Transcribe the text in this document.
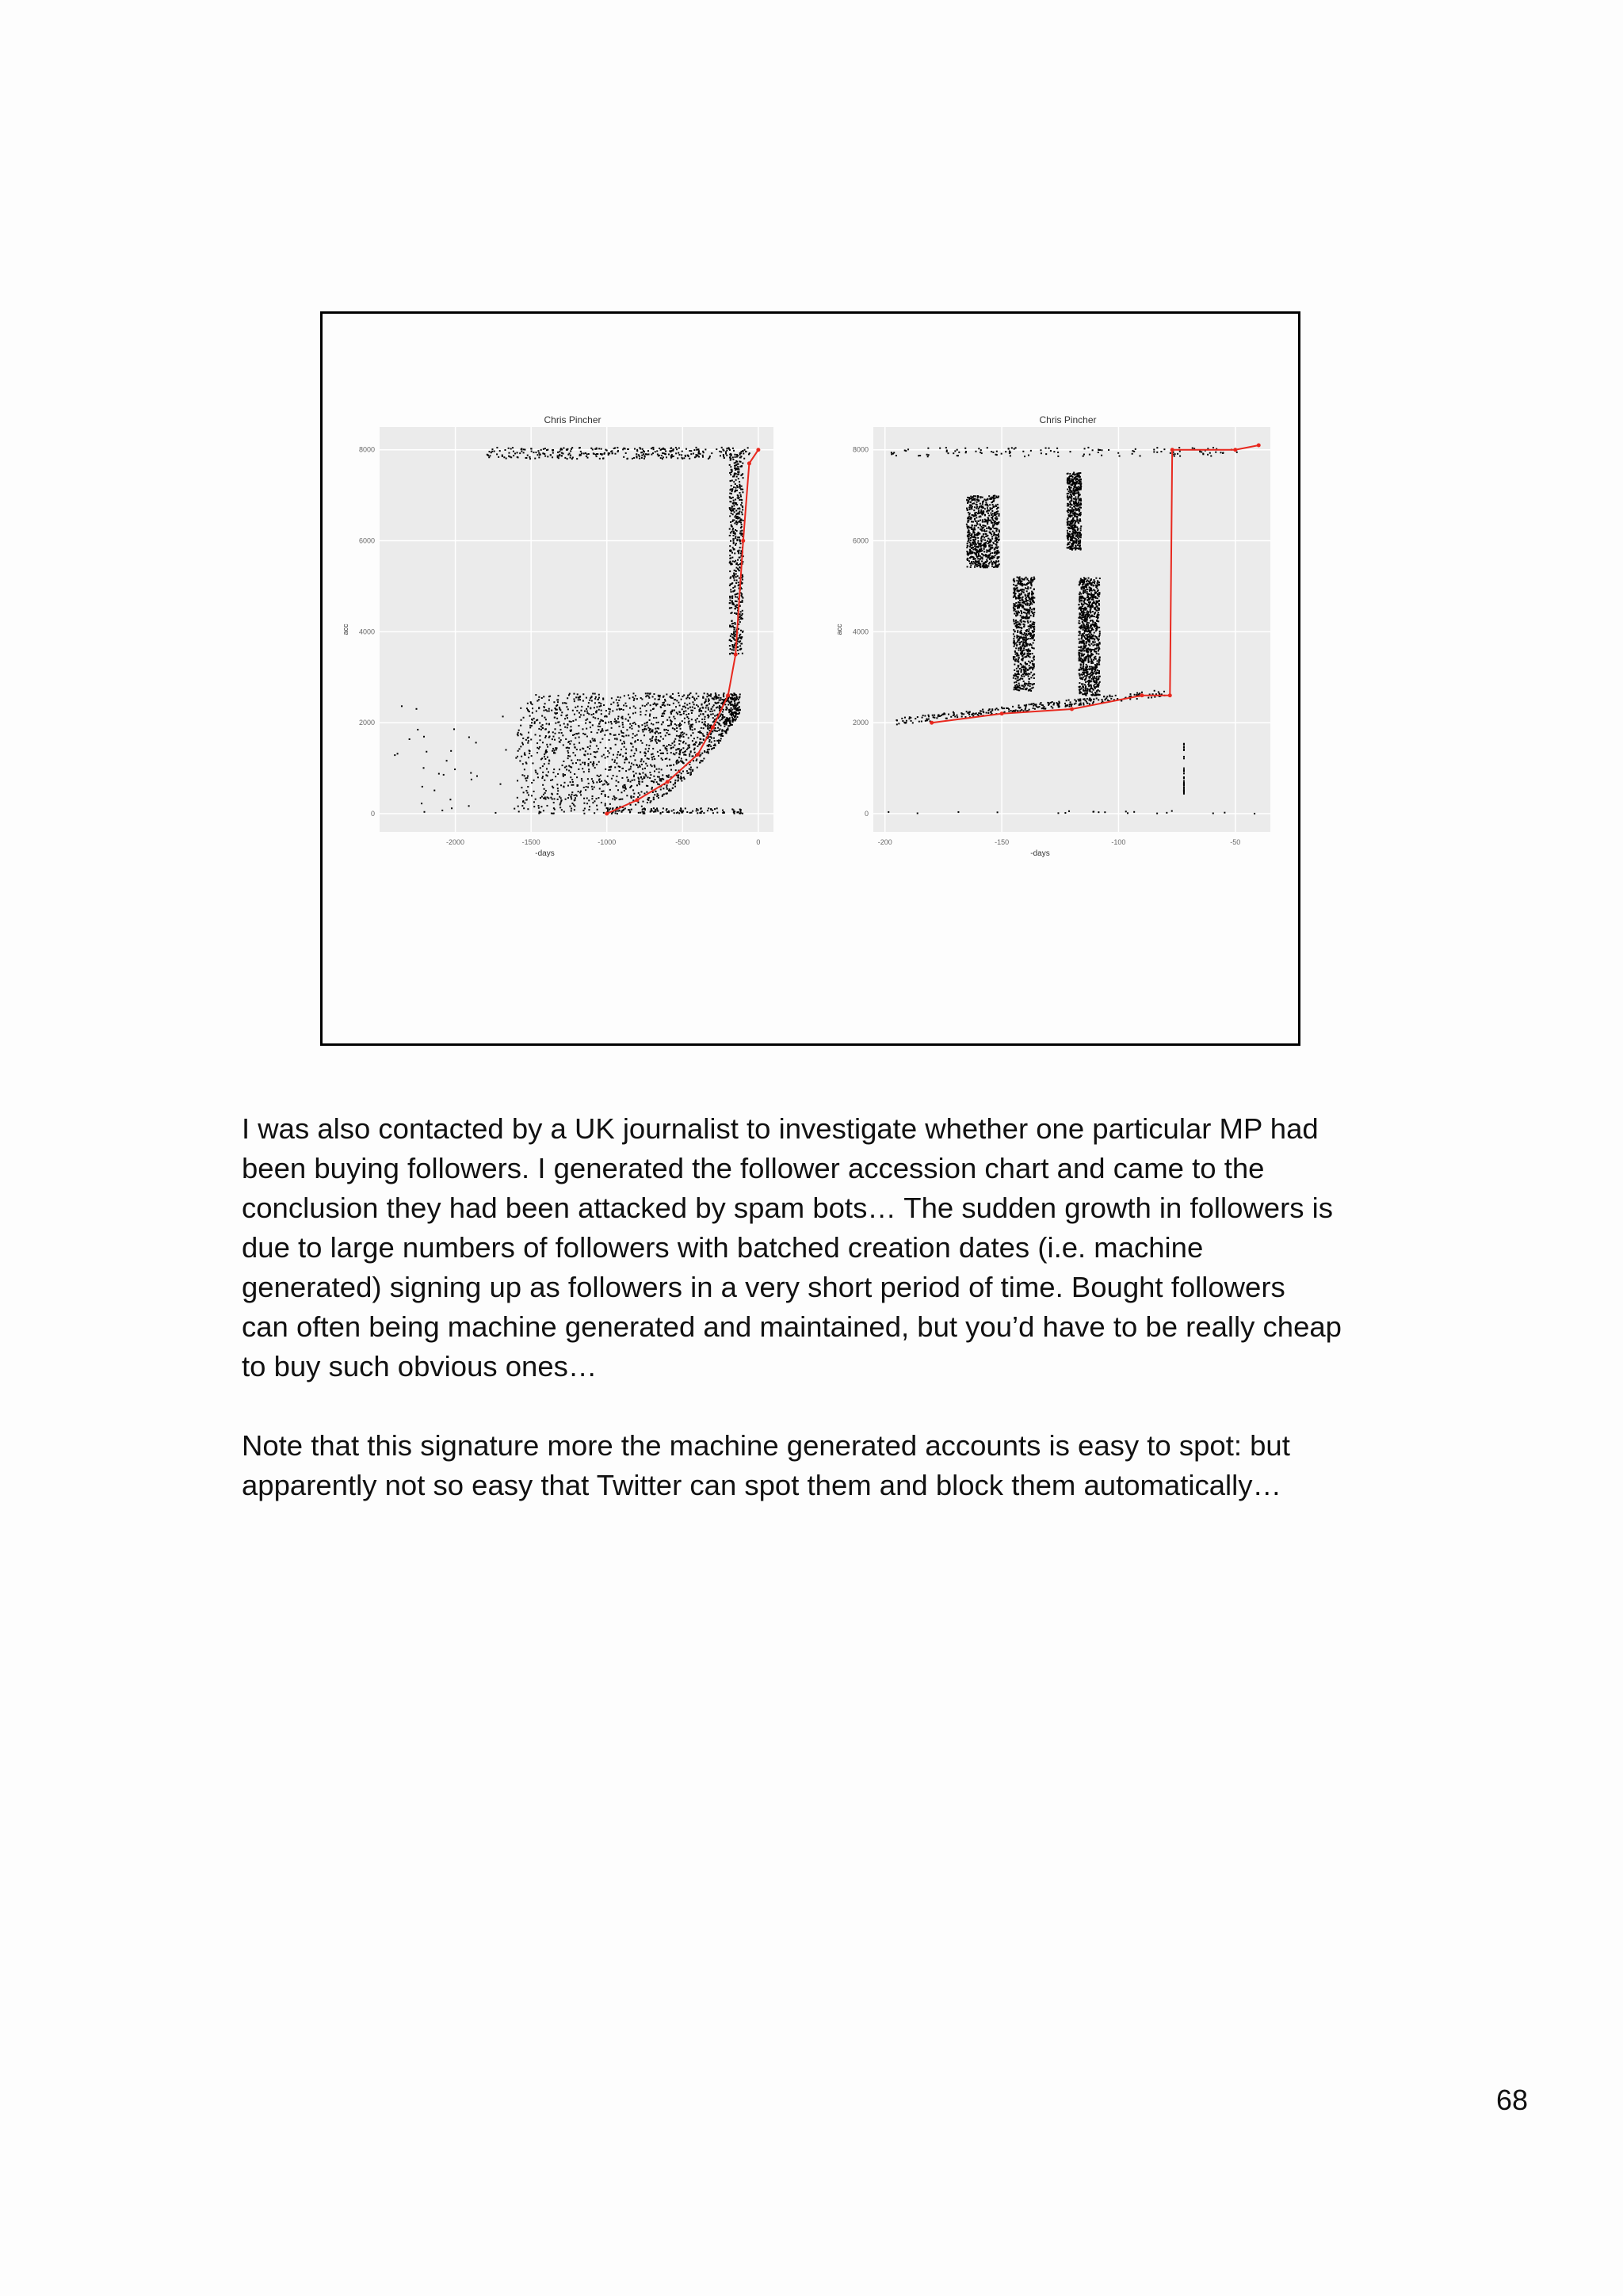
-2000	-1500	-1000	-500	0
0
2000
4000
6000
8000
Chris Pincher
-days
acc
-200	-150	-100	-50
0
2000
4000
6000
8000
Chris Pincher
-days
acc

I was also contacted by a UK journalist to investigate whether one particular MP had
been buying followers. I generated the follower accession chart and came to the
conclusion they had been attacked by spam bots… The sudden growth in followers is
due to large numbers of followers with batched creation dates (i.e. machine
generated) signing up as followers in a very short period of time. Bought followers
can often being machine generated and maintained, but you’d have to be really cheap
to buy such obvious ones…

Note that this signature more the machine generated accounts is easy to spot: but
apparently not so easy that Twitter can spot them and block them automatically…

68
